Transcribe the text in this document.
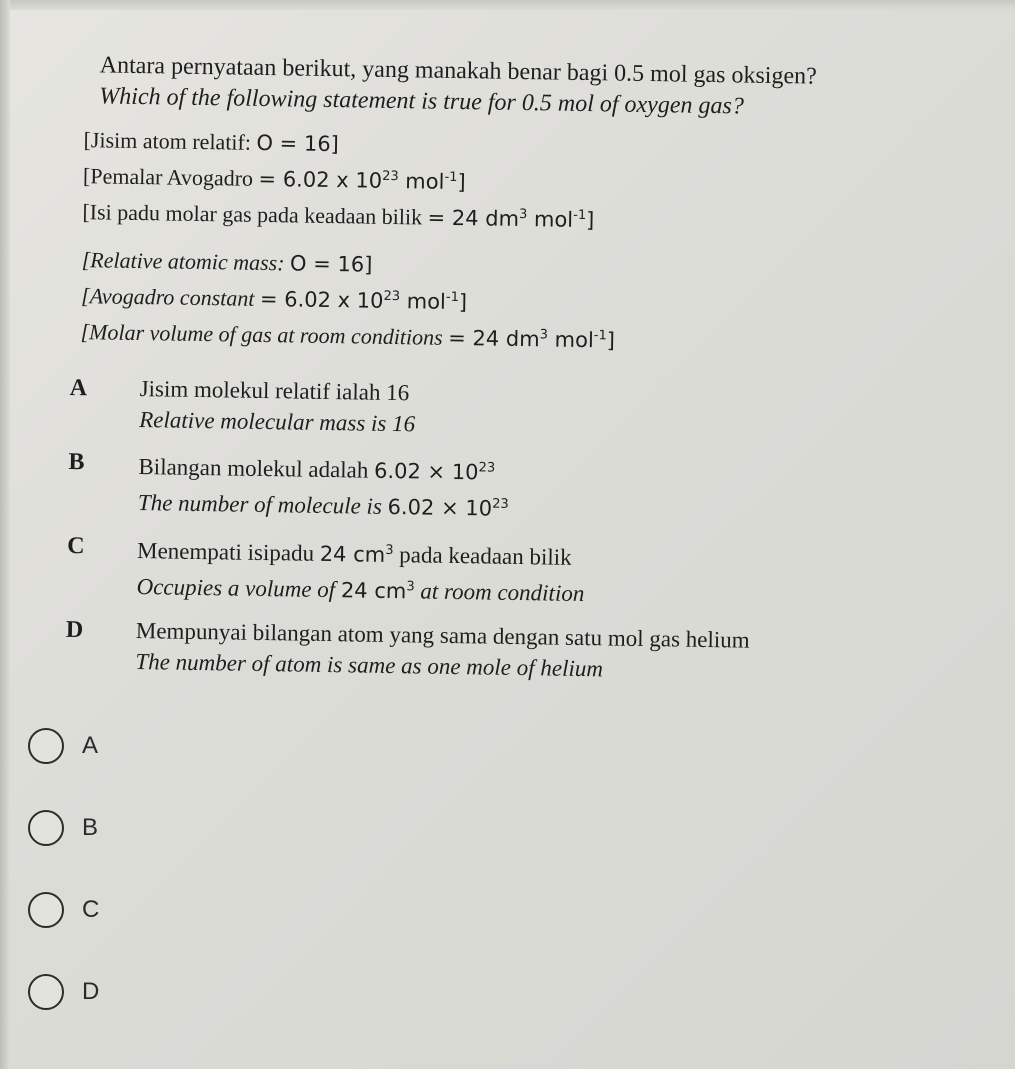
Antara pernyataan berikut, yang manakah benar bagi 0.5 mol gas oksigen?
Which of the following statement is true for 0.5 mol of oxygen gas?
[Jisim atom relatif: O = 16]
[Pemalar Avogadro = 6.02 x $10^{23}$ mol$^{-1}$]
[Isi padu molar gas pada keadaan bilik = 24 $dm^3$ mol$^{-1}$]
[Relative atomic mass: O = 16]
[Avogadro constant = 6.02 x $10^{23}$ mol$^{-1}$]
[Molar volume of gas at room conditions = 24 $dm^3$ mol$^{-1}$]
A	Jisim molekul relatif ialah 16
Relative molecular mass is 16
B	Bilangan molekul adalah $6.02 \times 10^{23}$
The number of molecule is $6.02 \times 10^{23}$
C	Menempati isipadu 24 $cm^3$ pada keadaan bilik
Occupies a volume of 24 $cm^3$ at room condition
D	Mempunyai bilangan atom yang sama dengan satu mol gas helium
The number of atom is same as one mole of helium
A
B
C
D
